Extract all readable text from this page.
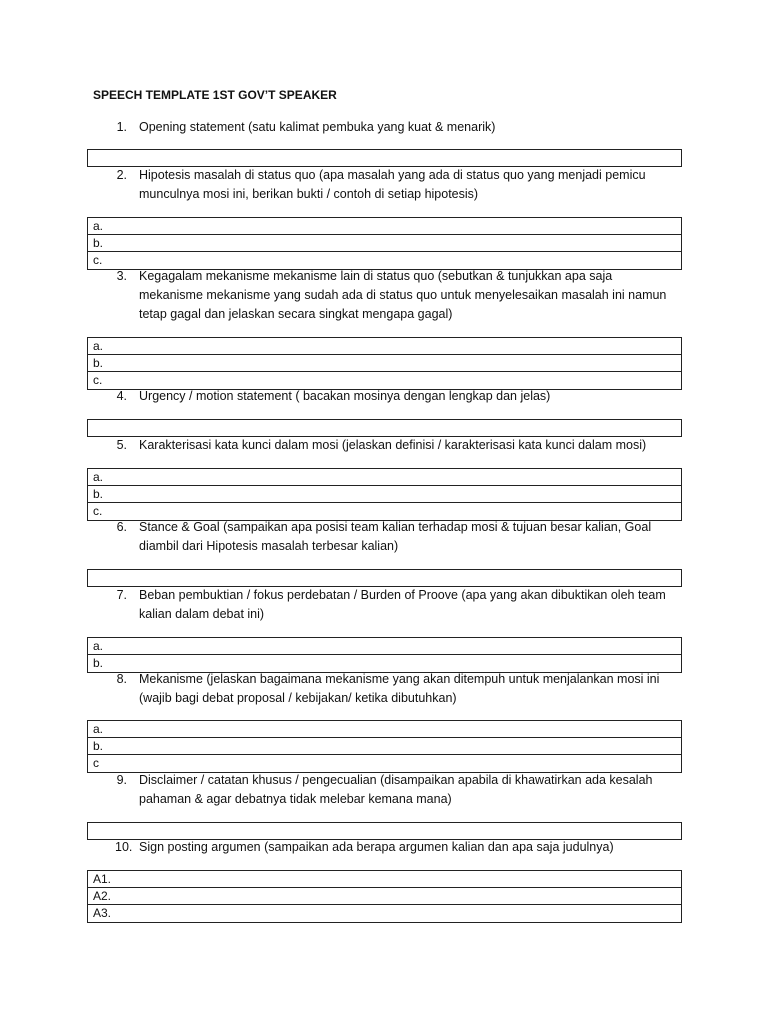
SPEECH TEMPLATE 1ST GOV’T SPEAKER
1. Opening statement (satu kalimat pembuka yang kuat & menarik)
2. Hipotesis masalah di status quo (apa masalah yang ada di status quo yang menjadi pemicu munculnya mosi ini, berikan bukti / contoh di setiap hipotesis)
a.
b.
c.
3. Kegagalam mekanisme mekanisme lain di status quo (sebutkan & tunjukkan apa saja mekanisme mekanisme yang sudah ada di status quo untuk menyelesaikan masalah ini namun tetap gagal dan jelaskan secara singkat mengapa gagal)
a.
b.
c.
4. Urgency / motion statement ( bacakan mosinya dengan lengkap dan jelas)
5. Karakterisasi kata kunci dalam mosi (jelaskan definisi / karakterisasi kata kunci dalam mosi)
a.
b.
c.
6. Stance & Goal (sampaikan apa posisi team kalian terhadap mosi & tujuan besar kalian, Goal diambil dari Hipotesis masalah terbesar kalian)
7. Beban pembuktian / fokus perdebatan / Burden of Proove (apa yang akan dibuktikan oleh team kalian dalam debat ini)
a.
b.
8. Mekanisme (jelaskan bagaimana mekanisme yang akan ditempuh untuk menjalankan mosi ini (wajib bagi debat proposal / kebijakan/ ketika dibutuhkan)
a.
b.
c
9. Disclaimer / catatan khusus / pengecualian (disampaikan apabila di khawatirkan ada kesalah pahaman & agar debatnya tidak melebar kemana mana)
10. Sign posting argumen (sampaikan ada berapa argumen kalian dan apa saja judulnya)
A1.
A2.
A3.
